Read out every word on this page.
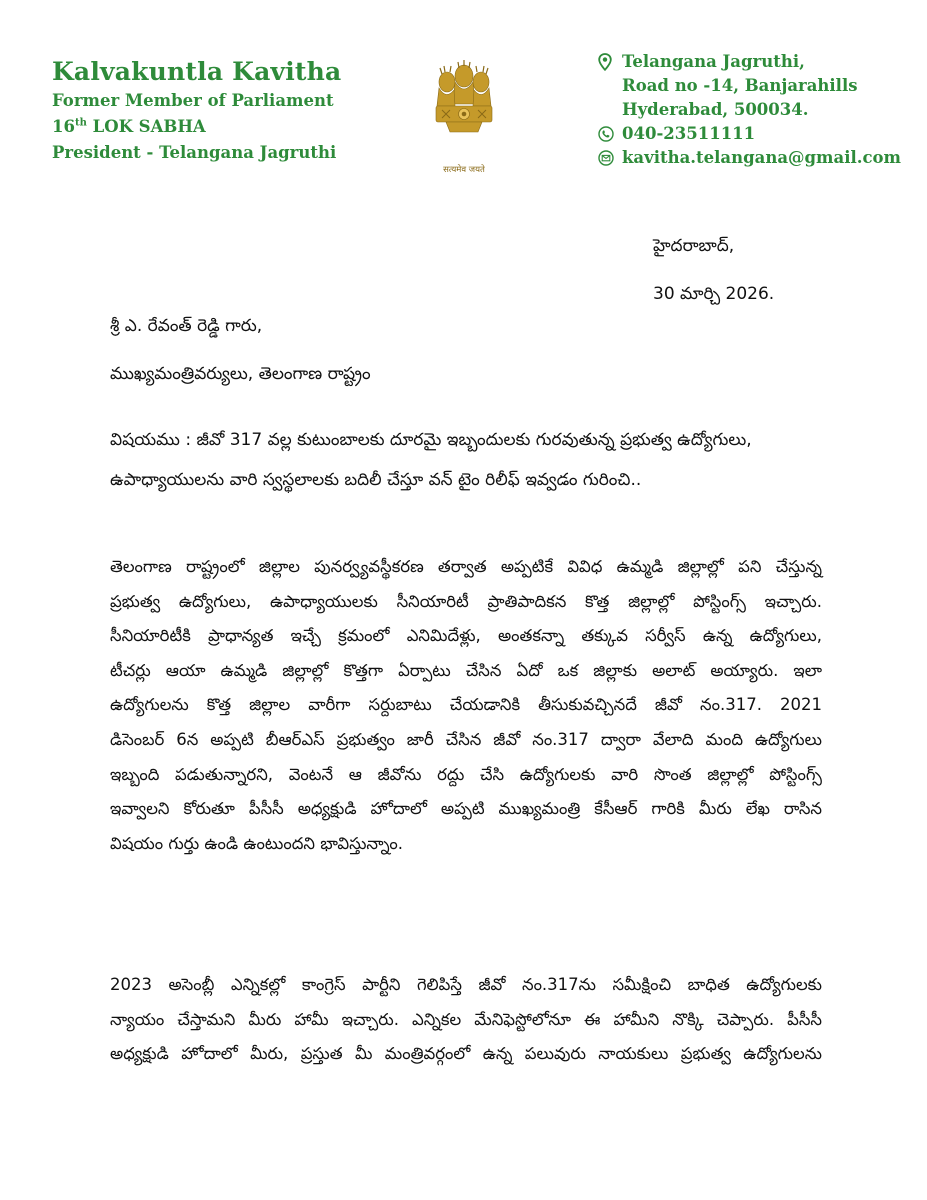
Kalvakuntla Kavitha
Former Member of Parliament
16th LOK SABHA
President - Telangana Jagruthi
सत्यमेव जयते
Telangana Jagruthi,
Road no -14, Banjarahills
Hyderabad, 500034.
040-23511111
kavitha.telangana@gmail.com
హైదరాబాద్,
30 మార్చి 2026.
శ్రీ ఎ. రేవంత్ రెడ్డి గారు,
ముఖ్యమంత్రివర్యులు, తెలంగాణ రాష్ట్రం
విషయము : జీవో 317 వల్ల కుటుంబాలకు దూరమై ఇబ్బందులకు గురవుతున్న ప్రభుత్వ ఉద్యోగులు,
ఉపాధ్యాయులను వారి స్వస్థలాలకు బదిలీ చేస్తూ వన్ టైం రిలీఫ్ ఇవ్వడం గురించి..
తెలంగాణ రాష్ట్రంలో జిల్లాల పునర్వ్యవస్థీకరణ తర్వాత అప్పటికే వివిధ ఉమ్మడి జిల్లాల్లో పని చేస్తున్న
ప్రభుత్వ ఉద్యోగులు, ఉపాధ్యాయులకు సీనియారిటీ ప్రాతిపాదికన కొత్త జిల్లాల్లో పోస్టింగ్స్ ఇచ్చారు.
సీనియారిటీకి ప్రాధాన్యత ఇచ్చే క్రమంలో ఎనిమిదేళ్లు, అంతకన్నా తక్కువ సర్వీస్ ఉన్న ఉద్యోగులు,
టీచర్లు ఆయా ఉమ్మడి జిల్లాల్లో కొత్తగా ఏర్పాటు చేసిన ఏదో ఒక జిల్లాకు అలాట్ అయ్యారు. ఇలా
ఉద్యోగులను కొత్త జిల్లాల వారీగా సర్దుబాటు చేయడానికి తీసుకువచ్చినదే జీవో నం.317. 2021
డిసెంబర్ 6న అప్పటి బీఆర్ఎస్ ప్రభుత్వం జారీ చేసిన జీవో నం.317 ద్వారా వేలాది మంది ఉద్యోగులు
ఇబ్బంది పడుతున్నారని, వెంటనే ఆ జీవోను రద్దు చేసి ఉద్యోగులకు వారి సొంత జిల్లాల్లో పోస్టింగ్స్
ఇవ్వాలని కోరుతూ పీసీసీ అధ్యక్షుడి హోదాలో అప్పటి ముఖ్యమంత్రి కేసీఆర్ గారికి మీరు లేఖ రాసిన
విషయం గుర్తు ఉండి ఉంటుందని భావిస్తున్నాం.
2023 అసెంబ్లీ ఎన్నికల్లో కాంగ్రెస్ పార్టీని గెలిపిస్తే జీవో నం.317ను సమీక్షించి బాధిత ఉద్యోగులకు
న్యాయం చేస్తామని మీరు హామీ ఇచ్చారు. ఎన్నికల మేనిఫెస్టోలోనూ ఈ హామీని నొక్కి చెప్పారు. పీసీసీ
అధ్యక్షుడి హోదాలో మీరు, ప్రస్తుత మీ మంత్రివర్గంలో ఉన్న పలువురు నాయకులు ప్రభుత్వ ఉద్యోగులను
